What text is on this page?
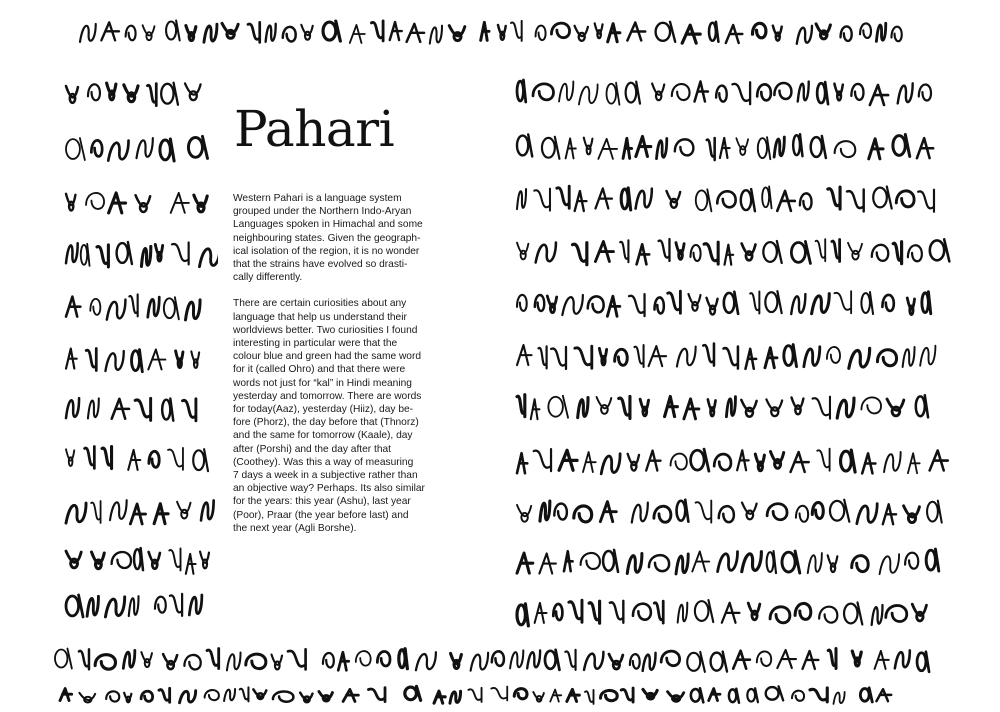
Pahari

Western Pahari is a language system
grouped under the Northern Indo-Aryan
Languages spoken in Himachal and some
neighbouring states. Given the geograph-
ical isolation of the region, it is no wonder
that the strains have evolved so drasti-
cally differently.

There are certain curiosities about any
language that help us understand their
worldviews better. Two curiosities I found
interesting in particular were that the
colour blue and green had the same word
for it (called Ohro) and that there were
words not just for “kal” in Hindi meaning
yesterday and tomorrow. There are words
for today(Aaz), yesterday (Hiiz), day be-
fore (Phorz), the day before that (Thnorz)
and the same for tomorrow (Kaale), day
after (Porshi) and the day after that
(Coothey). Was this a way of measuring
7 days a week in a subjective rather than
an objective way? Perhaps. Its also similar
for the years: this year (Ashu), last year
(Poor), Praar (the year before last) and
the next year (Agli Borshe).
